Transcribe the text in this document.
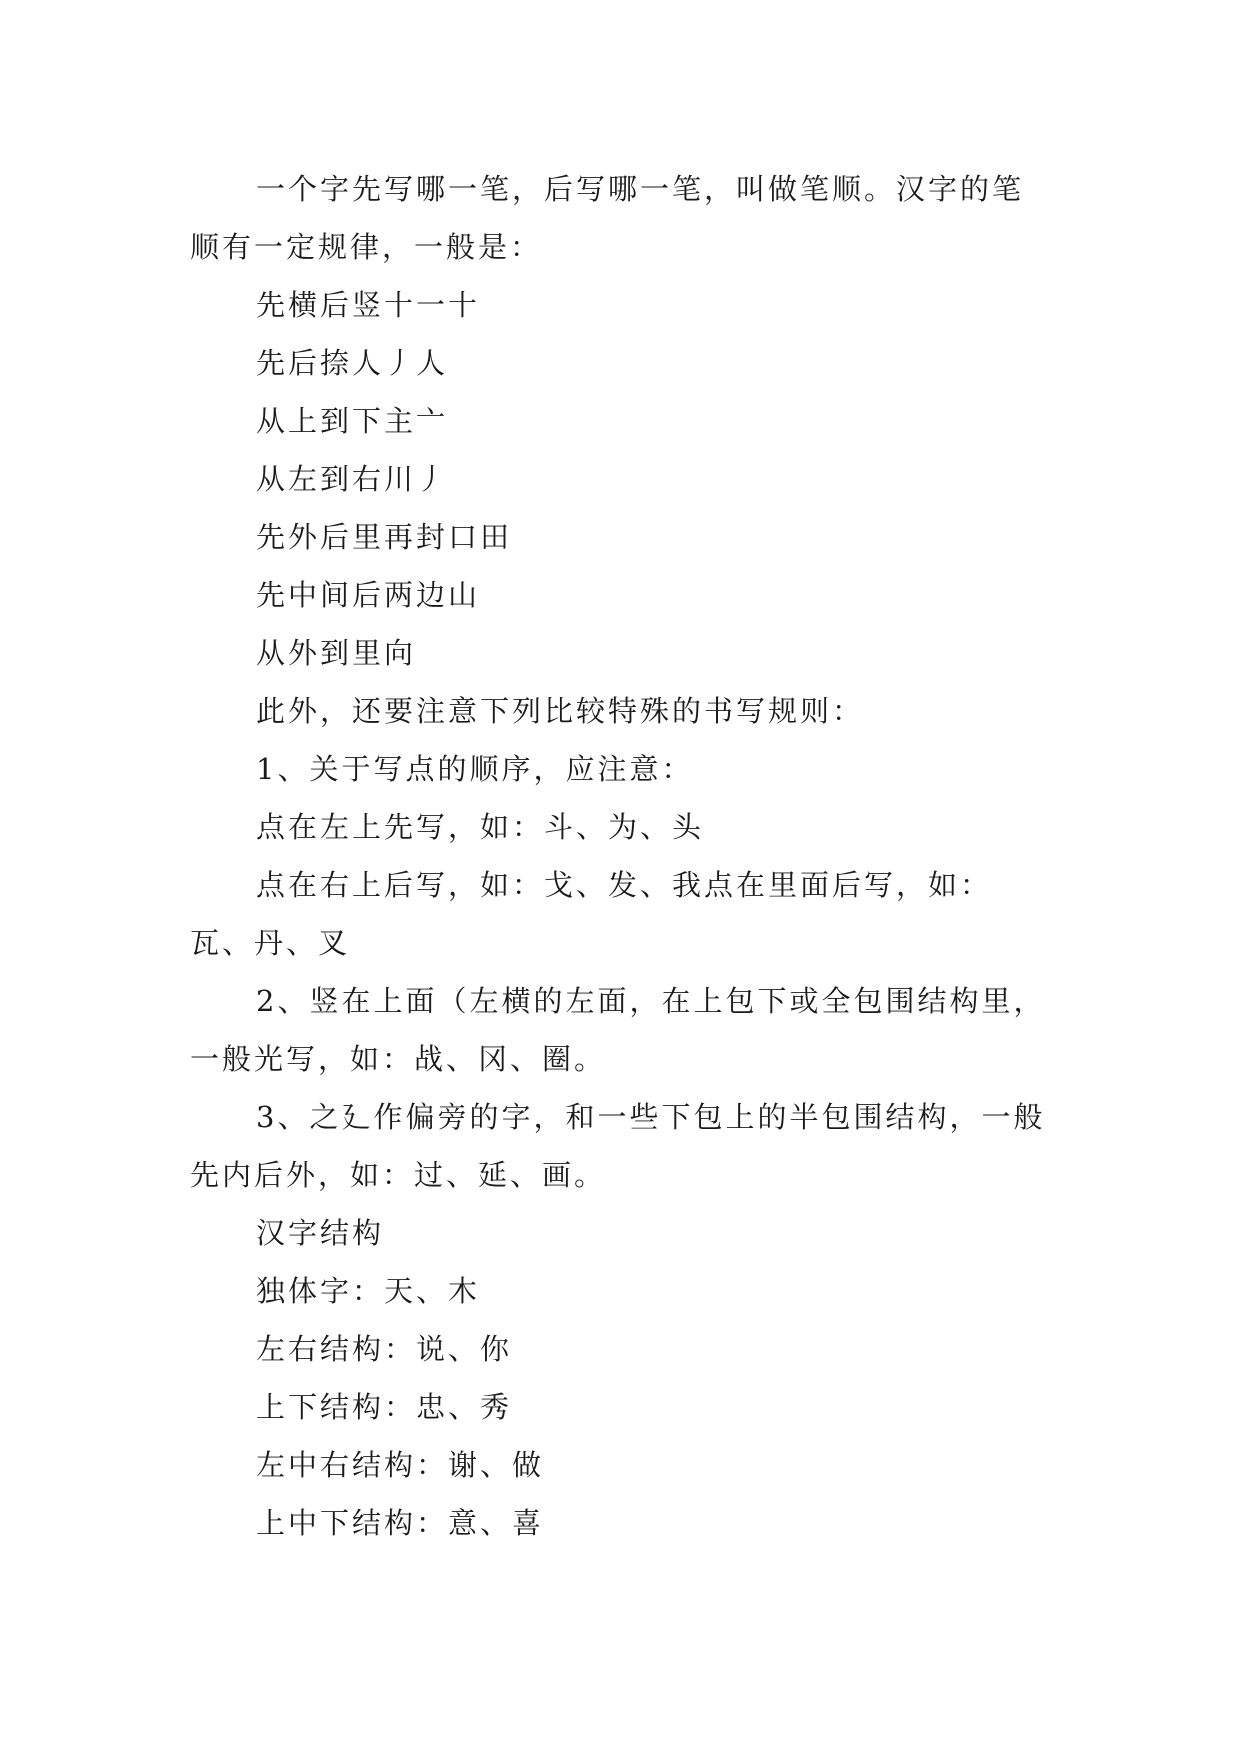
一个字先写哪一笔，后写哪一笔，叫做笔顺。汉字的笔顺有一定规律，一般是：

先横后竖十一十

先后捺人丿人

从上到下主亠

从左到右川丿

先外后里再封口田

先中间后两边山

从外到里向

此外，还要注意下列比较特殊的书写规则：

1、关于写点的顺序，应注意：

点在左上先写，如：斗、为、头

点在右上后写，如：戈、发、我点在里面后写，如：瓦、丹、叉

2、竖在上面（左横的左面，在上包下或全包围结构里，一般光写，如：战、冈、圈。

3、之廴作偏旁的字，和一些下包上的半包围结构，一般先内后外，如：过、延、画。

汉字结构

独体字：天、木

左右结构：说、你

上下结构：忠、秀

左中右结构：谢、做

上中下结构：意、喜
